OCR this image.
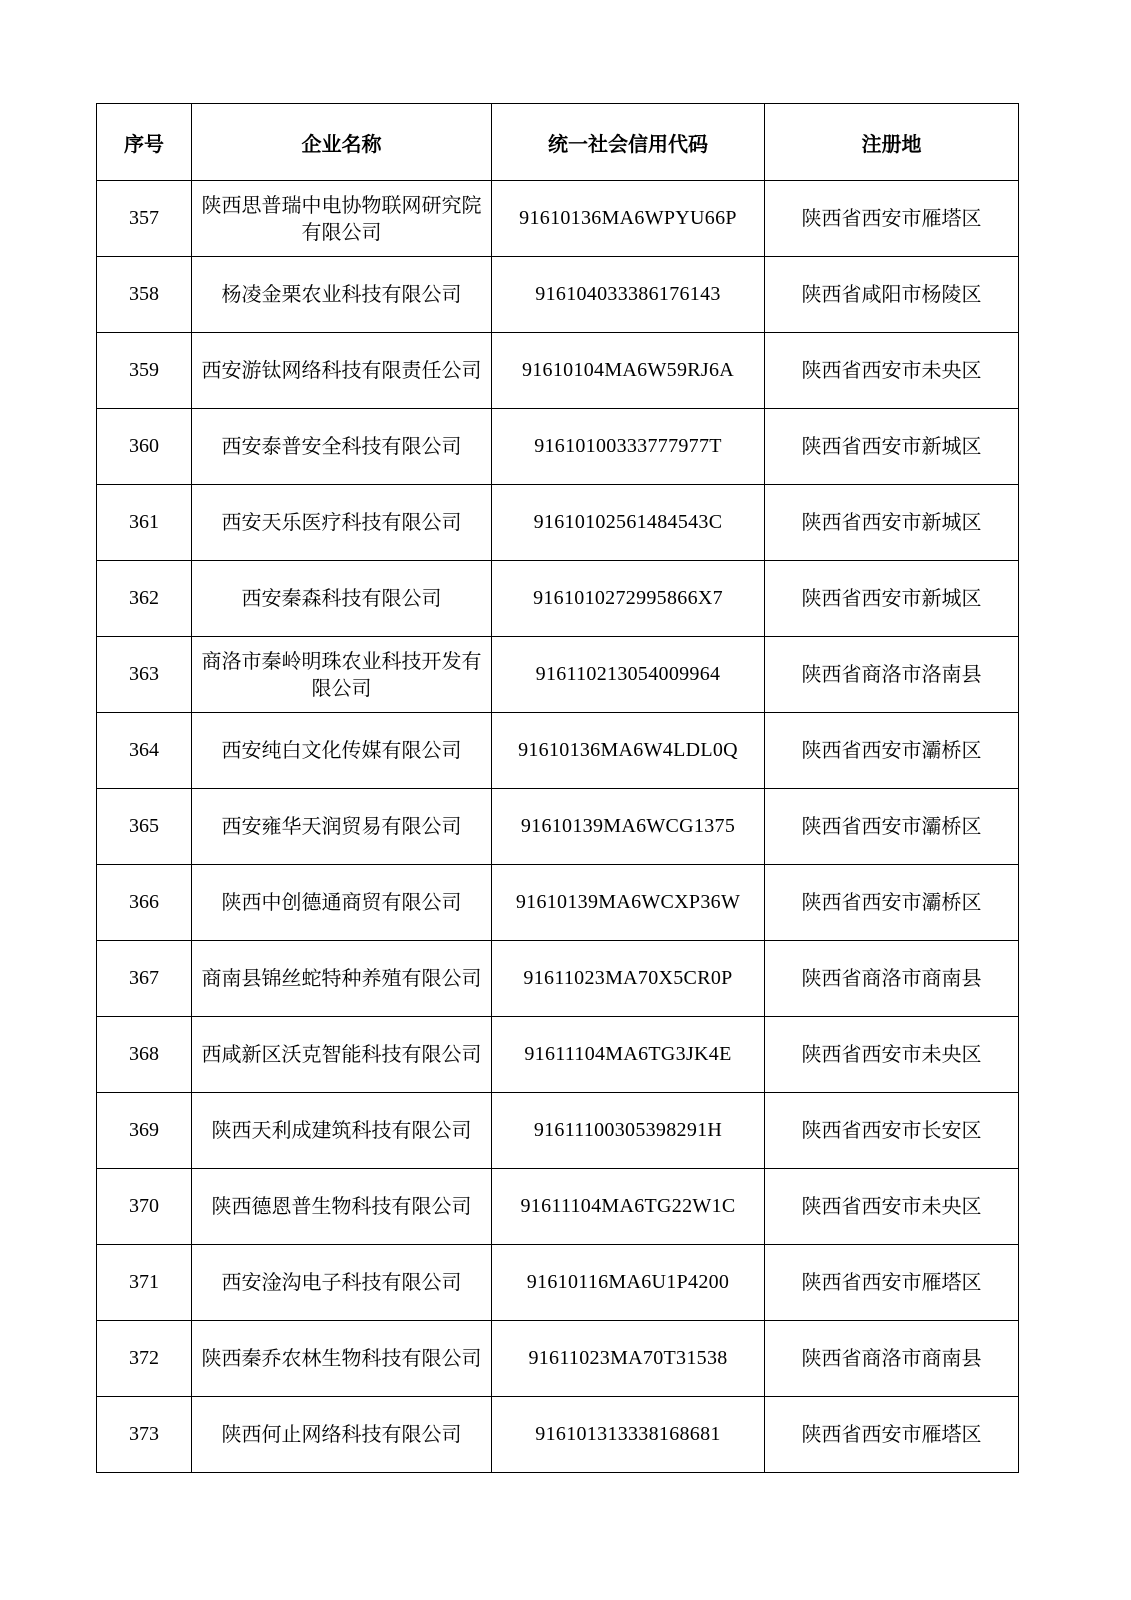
序号	企业名称	统一社会信用代码	注册地
357	陕西思普瑞中电协物联网研究院有限公司	91610136MA6WPYU66P	陕西省西安市雁塔区
358	杨凌金栗农业科技有限公司	916104033386176143	陕西省咸阳市杨陵区
359	西安游钛网络科技有限责任公司	91610104MA6W59RJ6A	陕西省西安市未央区
360	西安泰普安全科技有限公司	91610100333777977T	陕西省西安市新城区
361	西安天乐医疗科技有限公司	91610102561484543C	陕西省西安市新城区
362	西安秦森科技有限公司	9161010272995866X7	陕西省西安市新城区
363	商洛市秦岭明珠农业科技开发有限公司	916110213054009964	陕西省商洛市洛南县
364	西安纯白文化传媒有限公司	91610136MA6W4LDL0Q	陕西省西安市灞桥区
365	西安雍华天润贸易有限公司	91610139MA6WCG1375	陕西省西安市灞桥区
366	陕西中创德通商贸有限公司	91610139MA6WCXP36W	陕西省西安市灞桥区
367	商南县锦丝蛇特种养殖有限公司	91611023MA70X5CR0P	陕西省商洛市商南县
368	西咸新区沃克智能科技有限公司	91611104MA6TG3JK4E	陕西省西安市未央区
369	陕西天利成建筑科技有限公司	91611100305398291H	陕西省西安市长安区
370	陕西德恩普生物科技有限公司	91611104MA6TG22W1C	陕西省西安市未央区
371	西安淦沟电子科技有限公司	91610116MA6U1P4200	陕西省西安市雁塔区
372	陕西秦乔农林生物科技有限公司	91611023MA70T31538	陕西省商洛市商南县
373	陕西何止网络科技有限公司	916101313338168681	陕西省西安市雁塔区
